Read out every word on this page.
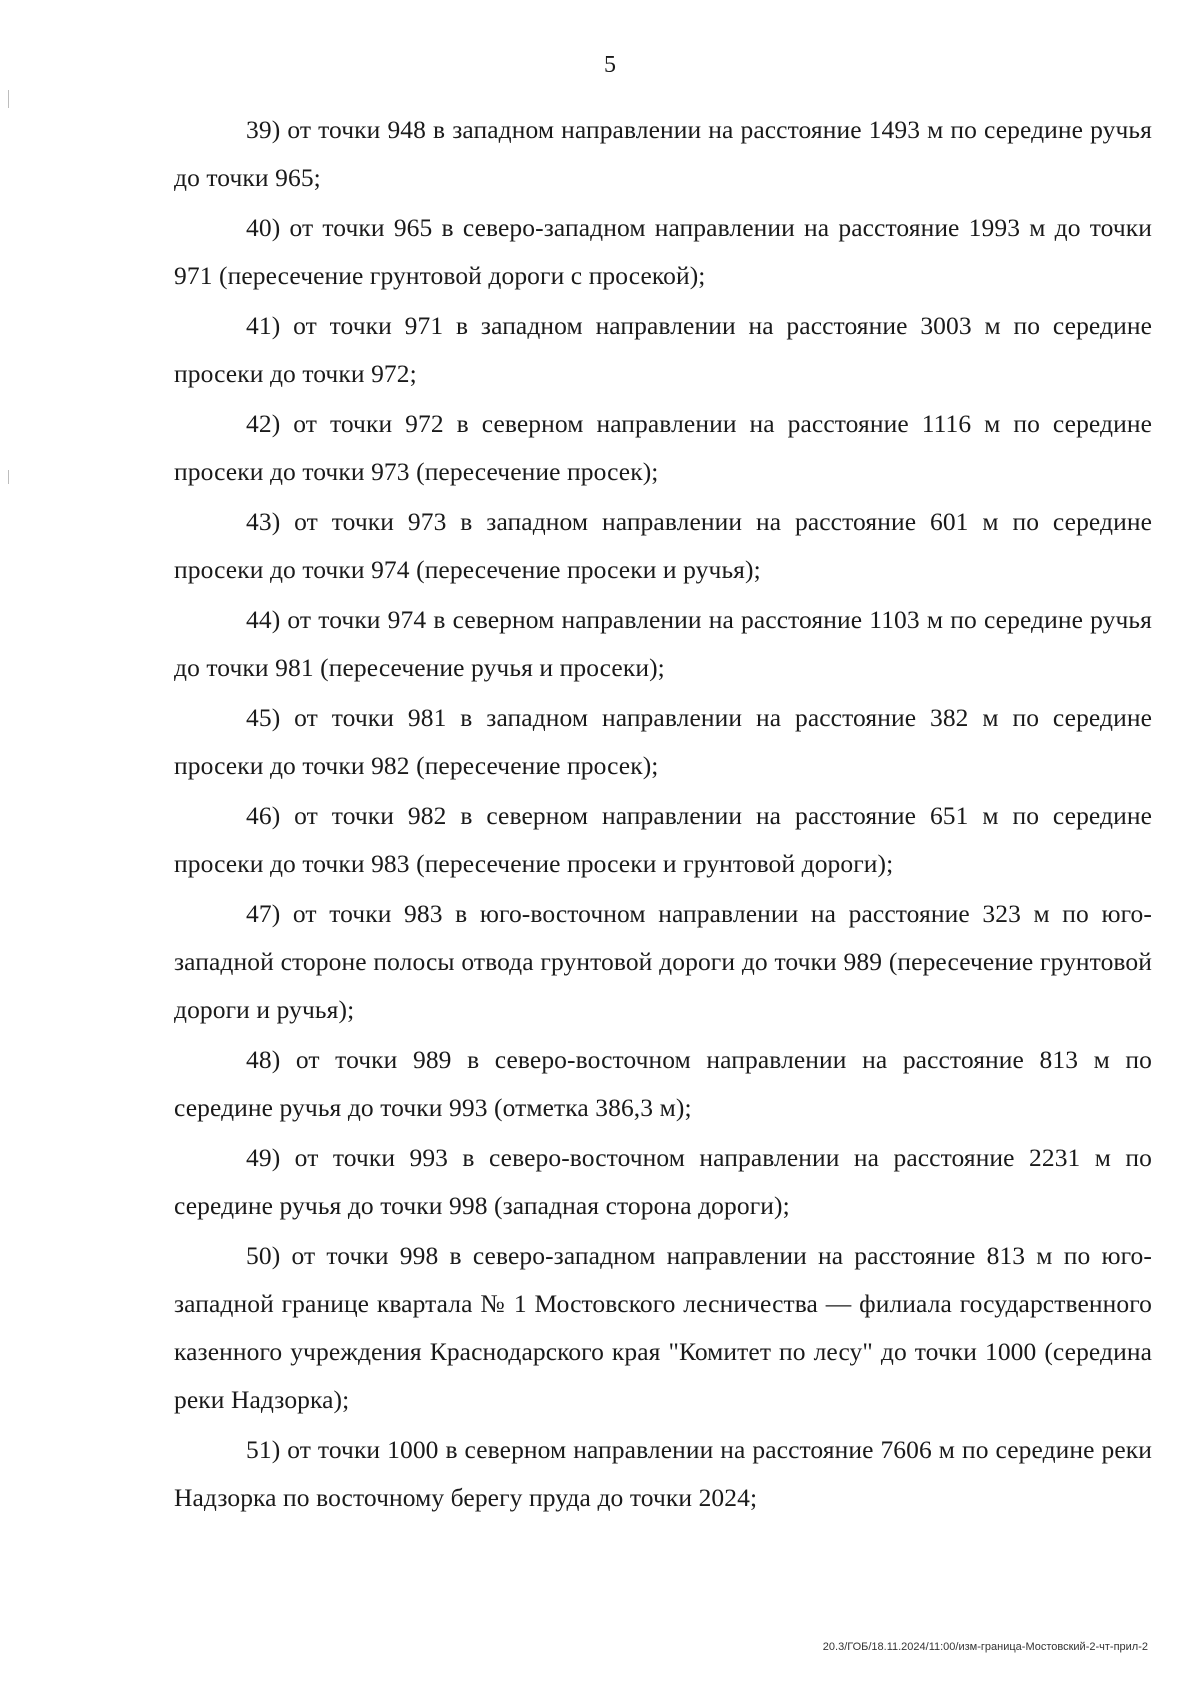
5

39) от точки 948 в западном направлении на расстояние 1493 м по середине ручья до точки 965;

40) от точки 965 в северо-западном направлении на расстояние 1993 м до точки 971 (пересечение грунтовой дороги с просекой);

41) от точки 971 в западном направлении на расстояние 3003 м по середине просеки до точки 972;

42) от точки 972 в северном направлении на расстояние 1116 м по середине просеки до точки 973 (пересечение просек);

43) от точки 973 в западном направлении на расстояние 601 м по середине просеки до точки 974 (пересечение просеки и ручья);

44) от точки 974 в северном направлении на расстояние 1103 м по середине ручья до точки 981 (пересечение ручья и просеки);

45) от точки 981 в западном направлении на расстояние 382 м по середине просеки до точки 982 (пересечение просек);

46) от точки 982 в северном направлении на расстояние 651 м по середине просеки до точки 983 (пересечение просеки и грунтовой дороги);

47) от точки 983 в юго-восточном направлении на расстояние 323 м по юго-западной стороне полосы отвода грунтовой дороги до точки 989 (пересечение грунтовой дороги и ручья);

48) от точки 989 в северо-восточном направлении на расстояние 813 м по середине ручья до точки 993 (отметка 386,3 м);

49) от точки 993 в северо-восточном направлении на расстояние 2231 м по середине ручья до точки 998 (западная сторона дороги);

50) от точки 998 в северо-западном направлении на расстояние 813 м по юго-западной границе квартала № 1 Мостовского лесничества — филиала государственного казенного учреждения Краснодарского края "Комитет по лесу" до точки 1000 (середина реки Надзорка);

51) от точки 1000 в северном направлении на расстояние 7606 м по середине реки Надзорка по восточному берегу пруда до точки 2024;

20.3/ГОБ/18.11.2024/11:00/изм-граница-Мостовский-2-чт-прил-2
